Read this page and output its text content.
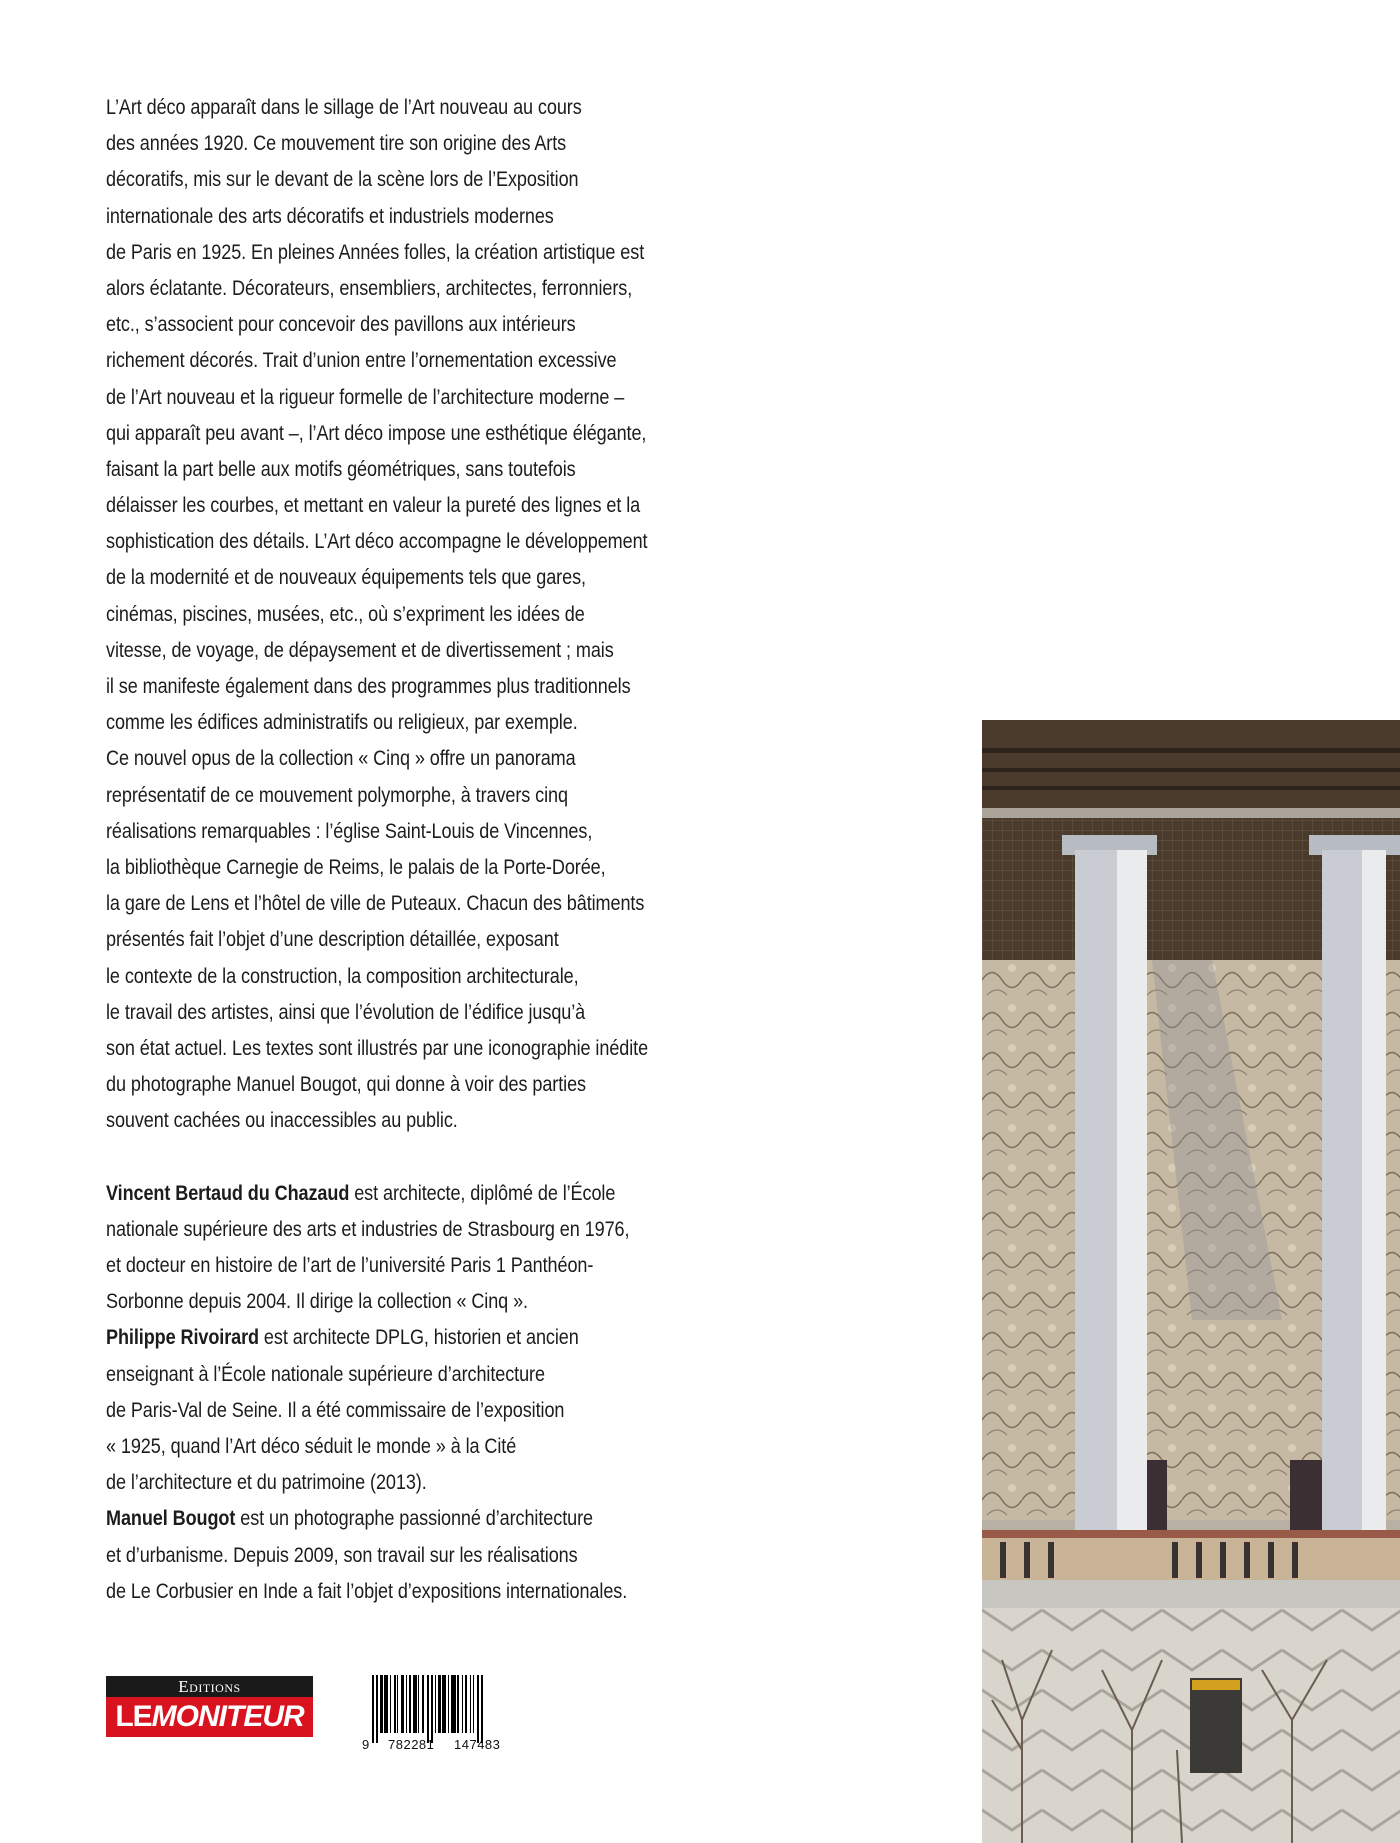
L’Art déco apparaît dans le sillage de l’Art nouveau au cours
des années 1920. Ce mouvement tire son origine des Arts
décoratifs, mis sur le devant de la scène lors de l’Exposition
internationale des arts décoratifs et industriels modernes
de Paris en 1925. En pleines Années folles, la création artistique est
alors éclatante. Décorateurs, ensembliers, architectes, ferronniers,
etc., s’associent pour concevoir des pavillons aux intérieurs
richement décorés. Trait d’union entre l’ornementation excessive
de l’Art nouveau et la rigueur formelle de l’architecture moderne –
qui apparaît peu avant –, l’Art déco impose une esthétique élégante,
faisant la part belle aux motifs géométriques, sans toutefois
délaisser les courbes, et mettant en valeur la pureté des lignes et la
sophistication des détails. L’Art déco accompagne le développement
de la modernité et de nouveaux équipements tels que gares,
cinémas, piscines, musées, etc., où s’expriment les idées de
vitesse, de voyage, de dépaysement et de divertissement ; mais
il se manifeste également dans des programmes plus traditionnels
comme les édifices administratifs ou religieux, par exemple.
Ce nouvel opus de la collection « Cinq » offre un panorama
représentatif de ce mouvement polymorphe, à travers cinq
réalisations remarquables : l’église Saint-Louis de Vincennes,
la bibliothèque Carnegie de Reims, le palais de la Porte-Dorée,
la gare de Lens et l’hôtel de ville de Puteaux. Chacun des bâtiments
présentés fait l’objet d’une description détaillée, exposant
le contexte de la construction, la composition architecturale,
le travail des artistes, ainsi que l’évolution de l’édifice jusqu’à
son état actuel. Les textes sont illustrés par une iconographie inédite
du photographe Manuel Bougot, qui donne à voir des parties
souvent cachées ou inaccessibles au public.
Vincent Bertaud du Chazaud est architecte, diplômé de l’École
nationale supérieure des arts et industries de Strasbourg en 1976,
et docteur en histoire de l’art de l’université Paris 1 Panthéon-
Sorbonne depuis 2004. Il dirige la collection « Cinq ».
Philippe Rivoirard est architecte DPLG, historien et ancien
enseignant à l’École nationale supérieure d’architecture
de Paris-Val de Seine. Il a été commissaire de l’exposition
« 1925, quand l’Art déco séduit le monde » à la Cité
de l’architecture et du patrimoine (2013).
Manuel Bougot est un photographe passionné d’architecture
et d’urbanisme. Depuis 2009, son travail sur les réalisations
de Le Corbusier en Inde a fait l’objet d’expositions internationales.
Editions
LEMONITEUR
9 782281 147483
